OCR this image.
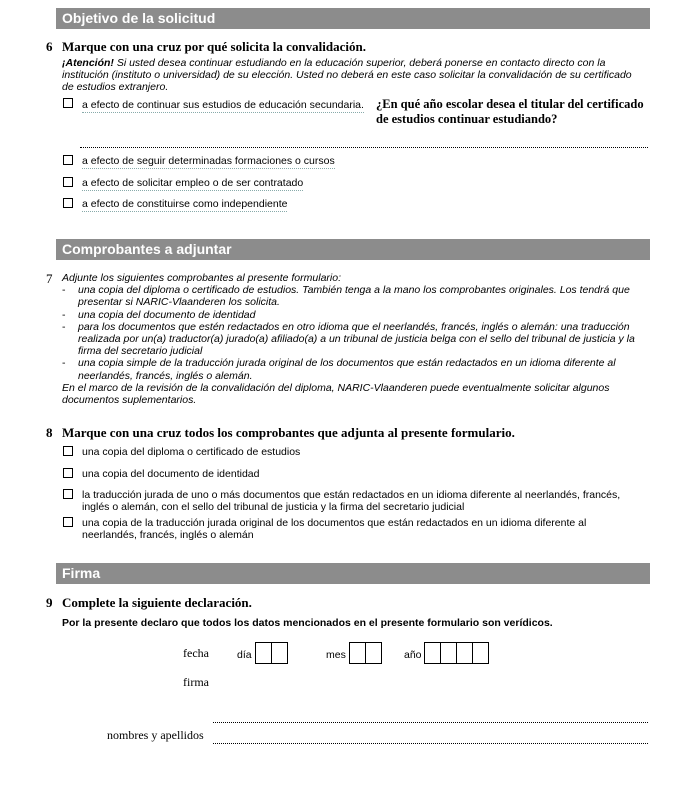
Objetivo de la solicitud
6 Marque con una cruz por qué solicita la convalidación.
¡Atención! Si usted desea continuar estudiando en la educación superior, deberá ponerse en contacto directo con la institución (instituto o universidad) de su elección. Usted no deberá en este caso solicitar la convalidación de su certificado de estudios extranjero.
a efecto de continuar sus estudios de educación secundaria. ¿En qué año escolar desea el titular del certificado de estudios continuar estudiando?
a efecto de seguir determinadas formaciones o cursos
a efecto de solicitar empleo o de ser contratado
a efecto de constituirse como independiente
Comprobantes a adjuntar
7 Adjunte los siguientes comprobantes al presente formulario:
- una copia del diploma o certificado de estudios. También tenga a la mano los comprobantes originales. Los tendrá que presentar si NARIC-Vlaanderen los solicita.
- una copia del documento de identidad
- para los documentos que estén redactados en otro idioma que el neerlandés, francés, inglés o alemán: una traducción realizada por un(a) traductor(a) jurado(a) afiliado(a) a un tribunal de justicia belga con el sello del tribunal de justicia y la firma del secretario judicial
- una copia simple de la traducción jurada original de los documentos que están redactados en un idioma diferente al neerlandés, francés, inglés o alemán.
En el marco de la revisión de la convalidación del diploma, NARIC-Vlaanderen puede eventualmente solicitar algunos documentos suplementarios.
8 Marque con una cruz todos los comprobantes que adjunta al presente formulario.
una copia del diploma o certificado de estudios
una copia del documento de identidad
la traducción jurada de uno o más documentos que están redactados en un idioma diferente al neerlandés, francés, inglés o alemán, con el sello del tribunal de justicia y la firma del secretario judicial
una copia de la traducción jurada original de los documentos que están redactados en un idioma diferente al neerlandés, francés, inglés o alemán
Firma
9 Complete la siguiente declaración.
Por la presente declaro que todos los datos mencionados en el presente formulario son verídicos.
fecha	día	mes	año
firma
nombres y apellidos
